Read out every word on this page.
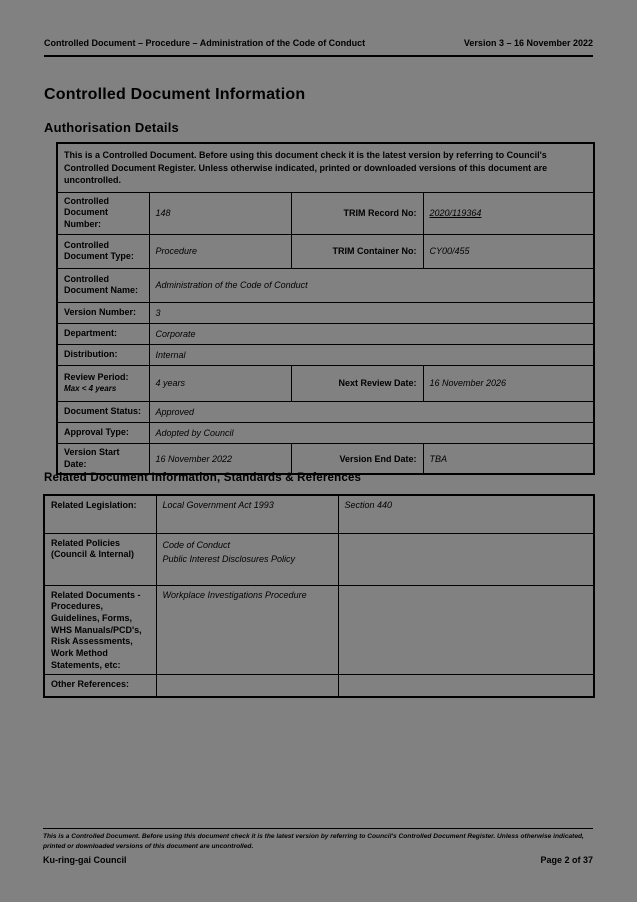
Controlled Document – Procedure – Administration of the Code of Conduct	Version 3 – 16 November 2022
Controlled Document Information
Authorisation Details
This is a Controlled Document. Before using this document check it is the latest version by referring to Council's Controlled Document Register. Unless otherwise indicated, printed or downloaded versions of this document are uncontrolled.			
Controlled Document Number:	148	TRIM Record No:	2020/119364
Controlled Document Type:	Procedure	TRIM Container No:	CY00/455
Controlled Document Name:	Administration of the Code of Conduct		
Version Number:	3		
Department:	Corporate		
Distribution:	Internal		
Review Period: Max < 4 years	4 years	Next Review Date:	16 November 2026
Document Status:	Approved		
Approval Type:	Adopted by Council		
Version Start Date:	16 November 2022	Version End Date:	TBA
Related Document Information, Standards & References
Related Legislation:	Local Government Act 1993	Section 440
Related Policies (Council & Internal)	Code of Conduct
Public Interest Disclosures Policy	

Related Documents - Procedures, Guidelines, Forms, WHS Manuals/PCD's, Risk Assessments, Work Method Statements, etc:	Workplace Investigations Procedure	
Other References:		
This is a Controlled Document. Before using this document check it is the latest version by referring to Council's Controlled Document Register. Unless otherwise indicated, printed or downloaded versions of this document are uncontrolled.
Ku-ring-gai Council	Page 2 of 37
